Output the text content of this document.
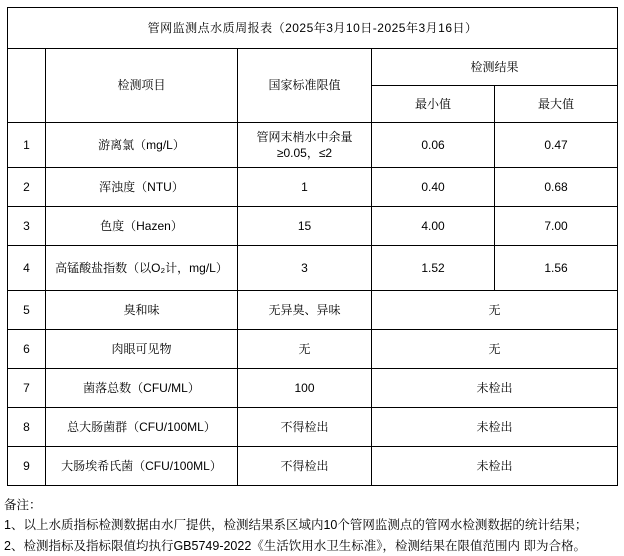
管网监测点水质周报表（2025年3月10日-2025年3月16日）				
	检测项目	国家标准限值	检测结果	
			最小值	最大值
1	游离氯（mg/L）	管网末梢水中余量≥0.05，≤2	0.06	0.47
2	浑浊度（NTU）	1	0.40	0.68
3	色度（Hazen）	15	4.00	7.00
4	高锰酸盐指数（以O₂计，mg/L）	3	1.52	1.56
5	臭和味	无异臭、异味	无	
6	肉眼可见物	无	无	
7	菌落总数（CFU/ML）	100	未检出	
8	总大肠菌群（CFU/100ML）	不得检出	未检出	
9	大肠埃希氏菌（CFU/100ML）	不得检出	未检出	
备注：
1、以上水质指标检测数据由水厂提供，检测结果系区域内10个管网监测点的管网水检测数据的统计结果；
2、检测指标及指标限值均执行GB5749-2022《生活饮用水卫生标准》，检测结果在限值范围内 即为合格。
